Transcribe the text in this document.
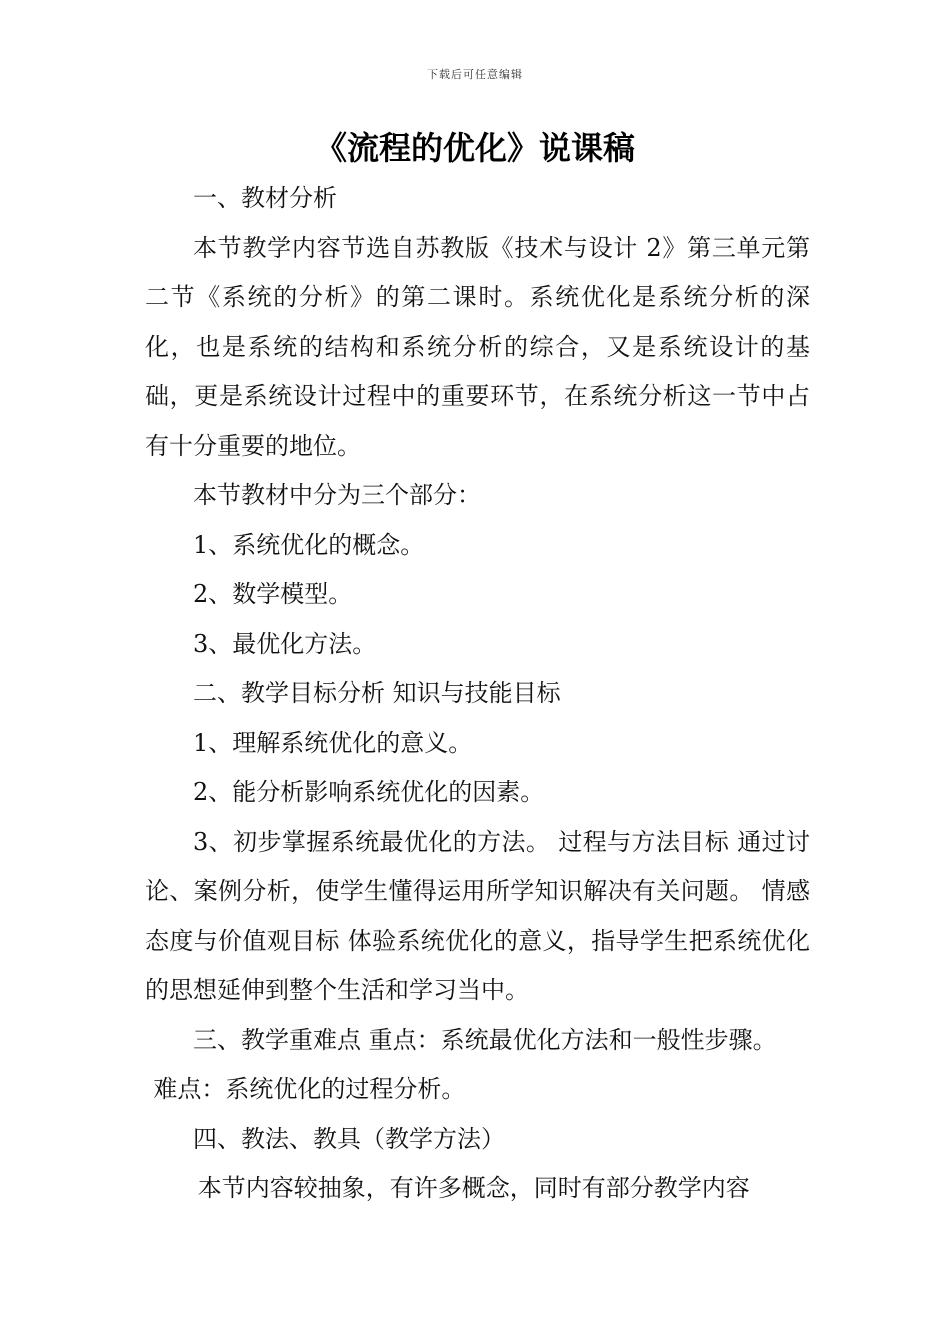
下载后可任意编辑
《流程的优化》说课稿

一、教材分析

本节教学内容节选自苏教版《技术与设计 2》第三单元第二节《系统的分析》的第二课时。系统优化是系统分析的深化，也是系统的结构和系统分析的综合，又是系统设计的基础，更是系统设计过程中的重要环节，在系统分析这一节中占有十分重要的地位。

本节教材中分为三个部分：

1、系统优化的概念。

2、数学模型。

3、最优化方法。

二、教学目标分析 知识与技能目标

1、理解系统优化的意义。

2、能分析影响系统优化的因素。

3、初步掌握系统最优化的方法。 过程与方法目标 通过讨论、案例分析，使学生懂得运用所学知识解决有关问题。 情感态度与价值观目标 体验系统优化的意义，指导学生把系统优化的思想延伸到整个生活和学习当中。

三、教学重难点 重点：系统最优化方法和一般性步骤。

难点：系统优化的过程分析。

四、教法、教具（教学方法）

本节内容较抽象，有许多概念，同时有部分教学内容
